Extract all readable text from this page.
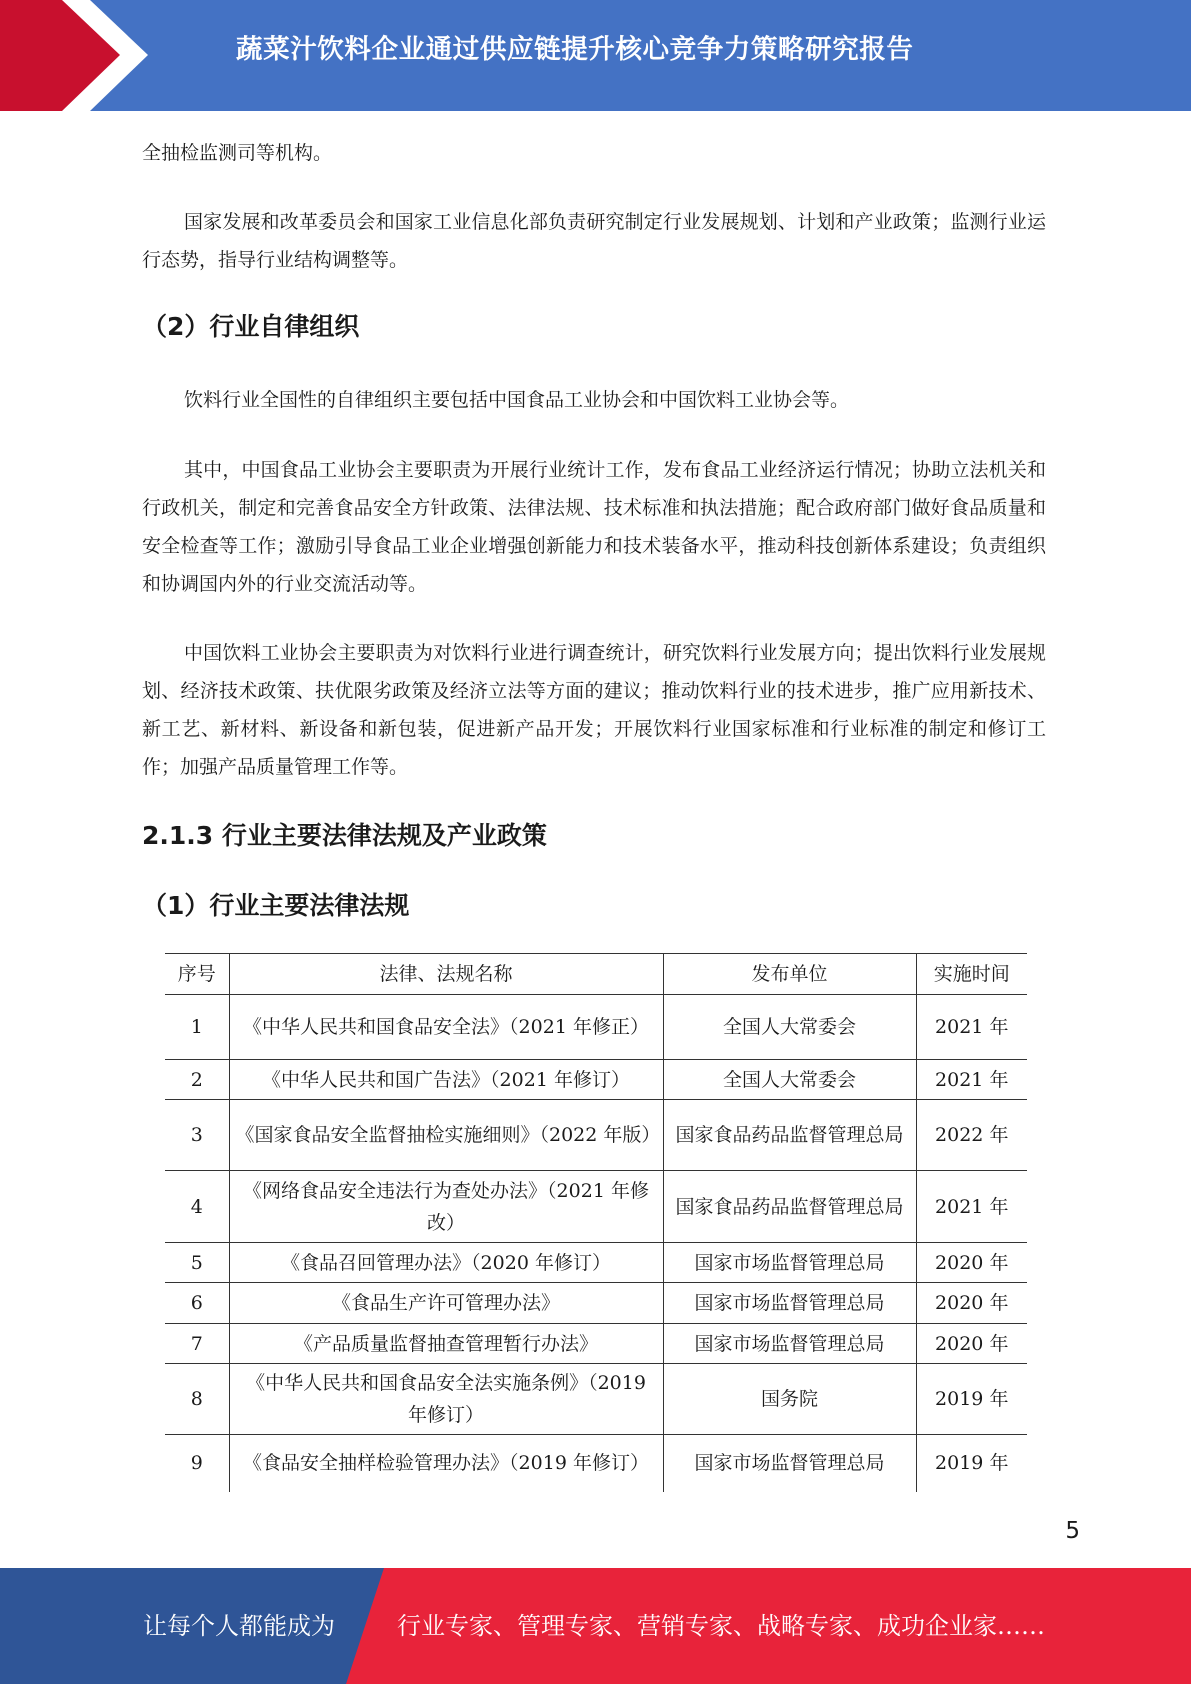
蔬菜汁饮料企业通过供应链提升核心竞争力策略研究报告
全抽检监测司等机构。
国家发展和改革委员会和国家工业信息化部负责研究制定行业发展规划、计划和产业政策；监测行业运行态势，指导行业结构调整等。
（2）行业自律组织
饮料行业全国性的自律组织主要包括中国食品工业协会和中国饮料工业协会等。
其中，中国食品工业协会主要职责为开展行业统计工作，发布食品工业经济运行情况；协助立法机关和行政机关，制定和完善食品安全方针政策、法律法规、技术标准和执法措施；配合政府部门做好食品质量和安全检查等工作；激励引导食品工业企业增强创新能力和技术装备水平，推动科技创新体系建设；负责组织和协调国内外的行业交流活动等。
中国饮料工业协会主要职责为对饮料行业进行调查统计，研究饮料行业发展方向；提出饮料行业发展规划、经济技术政策、扶优限劣政策及经济立法等方面的建议；推动饮料行业的技术进步，推广应用新技术、新工艺、新材料、新设备和新包装，促进新产品开发；开展饮料行业国家标准和行业标准的制定和修订工作；加强产品质量管理工作等。
2.1.3 行业主要法律法规及产业政策
（1）行业主要法律法规
序号	法律、法规名称	发布单位	实施时间
1	《中华人民共和国食品安全法》（2021 年修正）	全国人大常委会	2021 年
2	《中华人民共和国广告法》（2021 年修订）	全国人大常委会	2021 年
3	《国家食品安全监督抽检实施细则》（2022 年版）	国家食品药品监督管理总局	2022 年
4	《网络食品安全违法行为查处办法》（2021 年修改）	国家食品药品监督管理总局	2021 年
5	《食品召回管理办法》（2020 年修订）	国家市场监督管理总局	2020 年
6	《食品生产许可管理办法》	国家市场监督管理总局	2020 年
7	《产品质量监督抽查管理暂行办法》	国家市场监督管理总局	2020 年
8	《中华人民共和国食品安全法实施条例》（2019 年修订）	国务院	2019 年
9	《食品安全抽样检验管理办法》（2019 年修订）	国家市场监督管理总局	2019 年
5
让每个人都能成为	行业专家、管理专家、营销专家、战略专家、成功企业家……
